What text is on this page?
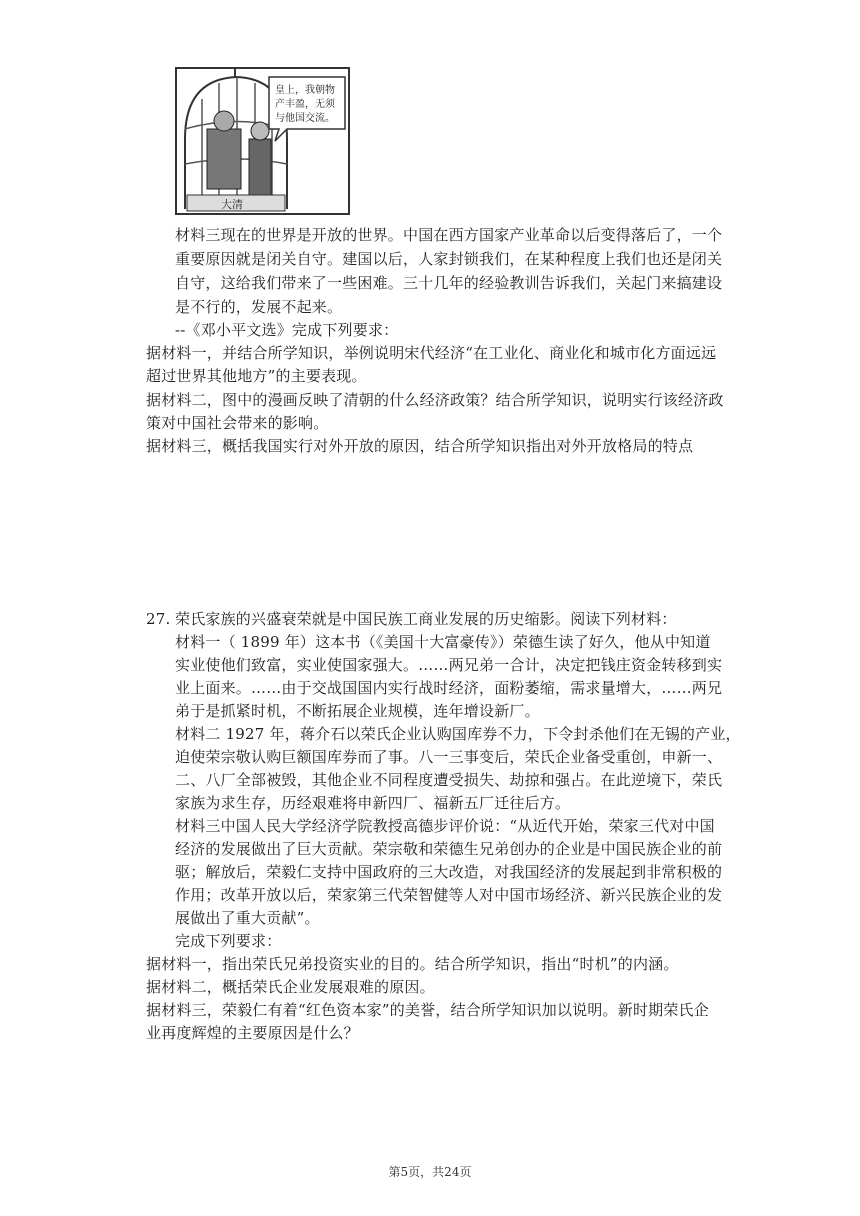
皇上，我朝物
产丰盈，无须
与他国交流。
大清
材料三现在的世界是开放的世界。中国在西方国家产业革命以后变得落后了，一个
重要原因就是闭关自守。建国以后，人家封锁我们，在某种程度上我们也还是闭关
自守，这给我们带来了一些困难。三十几年的经验教训告诉我们，关起门来搞建设
是不行的，发展不起来。
--《邓小平文选》完成下列要求：
据材料一，并结合所学知识，举例说明宋代经济“在工业化、商业化和城市化方面远远
超过世界其他地方”的主要表现。
据材料二，图中的漫画反映了清朝的什么经济政策？结合所学知识，说明实行该经济政
策对中国社会带来的影响。
据材料三，概括我国实行对外开放的原因，结合所学知识指出对外开放格局的特点
27. 荣氏家族的兴盛衰荣就是中国民族工商业发展的历史缩影。阅读下列材料：
材料一（ 1899 年）这本书（《美国十大富豪传》）荣德生读了好久，他从中知道
实业使他们致富，实业使国家强大。……两兄弟一合计，决定把钱庄资金转移到实
业上面来。……由于交战国国内实行战时经济，面粉萎缩，需求量增大，……两兄
弟于是抓紧时机，不断拓展企业规模，连年增设新厂。
材料二 1927 年，蒋介石以荣氏企业认购国库券不力，下令封杀他们在无锡的产业，
迫使荣宗敬认购巨额国库券而了事。八一三事变后，荣氏企业备受重创，申新一、
二、八厂全部被毁，其他企业不同程度遭受损失、劫掠和强占。在此逆境下，荣氏
家族为求生存，历经艰难将申新四厂、福新五厂迁往后方。
材料三中国人民大学经济学院教授高德步评价说：“从近代开始，荣家三代对中国
经济的发展做出了巨大贡献。荣宗敬和荣德生兄弟创办的企业是中国民族企业的前
驱；解放后，荣毅仁支持中国政府的三大改造，对我国经济的发展起到非常积极的
作用；改革开放以后，荣家第三代荣智健等人对中国市场经济、新兴民族企业的发
展做出了重大贡献”。
完成下列要求：
据材料一，指出荣氏兄弟投资实业的目的。结合所学知识，指出“时机”的内涵。
据材料二，概括荣氏企业发展艰难的原因。
据材料三，荣毅仁有着“红色资本家”的美誉，结合所学知识加以说明。新时期荣氏企
业再度辉煌的主要原因是什么？
第5页，共24页
